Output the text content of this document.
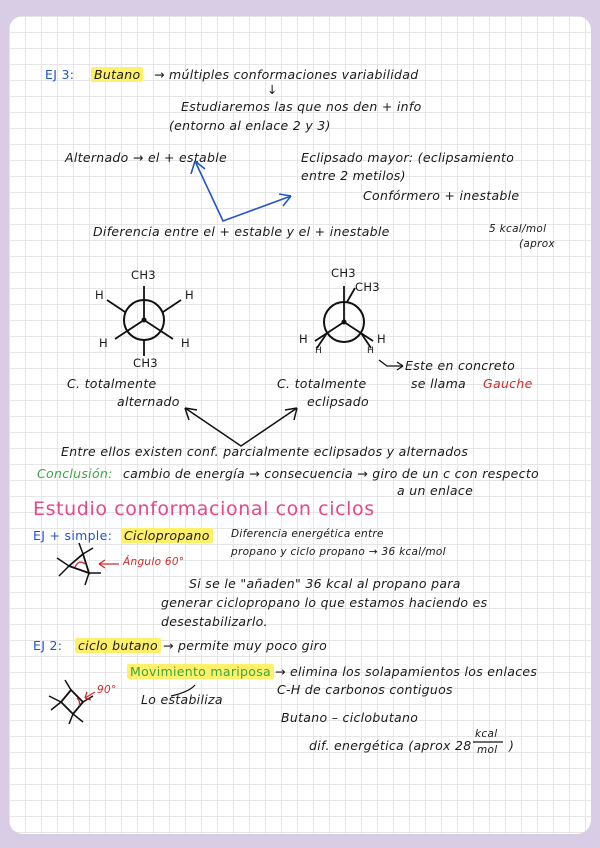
EJ 3: Butano → múltiples conformaciones variabilidad
↓
Estudiaremos las que nos den + info
(entorno al enlace 2 y 3)
Alternado → el + estable	Eclipsado mayor: (eclipsamiento
entre 2 metilos)
Confórmero + inestable
Diferencia entre el + estable y el + inestable	5 kcal/mol
(aprox
CH3
CH3
H	H
H	H
C. totalmente
alternado
CH3
CH3
H
H
H
H
C. totalmente
eclipsado
Este en concreto
se llama Gauche
Entre ellos existen conf. parcialmente eclipsados y alternados
Conclusión: cambio de energía → consecuencia → giro de un c con respecto
a un enlace
Estudio conformacional con ciclos
EJ + simple: Ciclopropano Diferencia energética entre
propano y ciclo propano → 36 kcal/mol
Ángulo 60°
Si se le "añaden" 36 kcal al propano para
generar ciclopropano lo que estamos haciendo es
desestabilizarlo.
EJ 2: ciclo butano → permite muy poco giro
Movimiento mariposa → elimina los solapamientos los enlaces
C-H de carbonos contiguos
90°
Lo estabiliza
Butano – ciclobutano
dif. energética (aprox 28
kcal
mol )
